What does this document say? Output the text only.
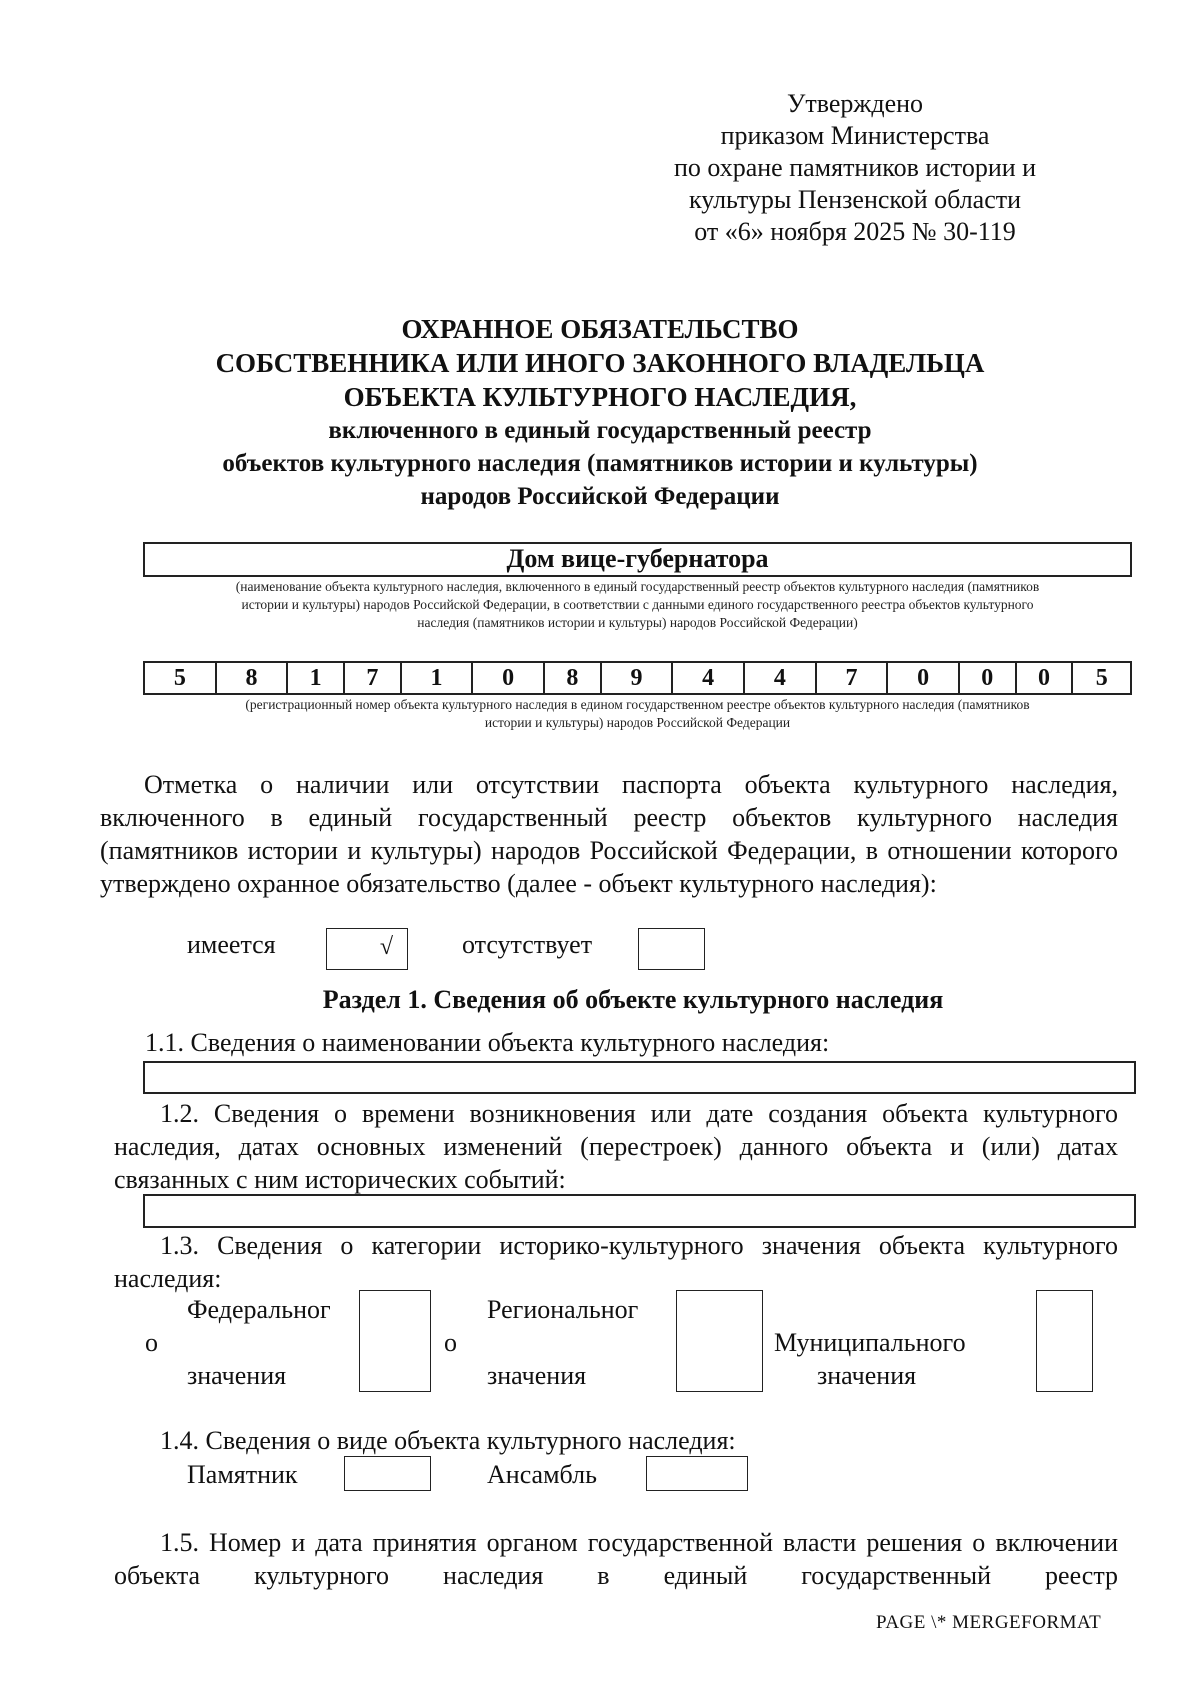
Утверждено
приказом Министерства
по охране памятников истории и
культуры Пензенской области
от «6» ноября 2025 № 30-119
ОХРАННОЕ ОБЯЗАТЕЛЬСТВО
СОБСТВЕННИКА ИЛИ ИНОГО ЗАКОННОГО ВЛАДЕЛЬЦА
ОБЪЕКТА КУЛЬТУРНОГО НАСЛЕДИЯ,
включенного в единый государственный реестр
объектов культурного наследия (памятников истории и культуры)
народов Российской Федерации
Дом вице-губернатора
(наименование объекта культурного наследия, включенного в единый государственный реестр объектов культурного наследия (памятников
истории и культуры) народов Российской Федерации, в соответствии с данными единого государственного реестра объектов культурного
наследия (памятников истории и культуры) народов Российской Федерации)
5	8	1	7	1	0	8	9	4	4	7	0	0	0	5
(регистрационный номер объекта культурного наследия в едином государственном реестре объектов культурного наследия (памятников
истории и культуры) народов Российской Федерации
Отметка о наличии или отсутствии паспорта объекта культурного наследия, включенного в единый государственный реестр объектов культурного наследия (памятников истории и культуры) народов Российской Федерации, в отношении которого утверждено охранное обязательство (далее - объект культурного наследия):
имеется	√	отсутствует
Раздел 1. Сведения об объекте культурного наследия
1.1. Сведения о наименовании объекта культурного наследия:
1.2. Сведения о времени возникновения или дате создания объекта культурного наследия, датах основных изменений (перестроек) данного объекта и (или) датах связанных с ним исторических событий:
1.3. Сведения о категории историко-культурного значения объекта культурного наследия:
Федеральног
о
значения
Региональног
о
значения
Муниципального
значения
1.4. Сведения о виде объекта культурного наследия:
Памятник	Ансамбль
1.5. Номер и дата принятия органом государственной власти решения о включении объекта культурного наследия в единый государственный реестр
PAGE \* MERGEFORMAT
